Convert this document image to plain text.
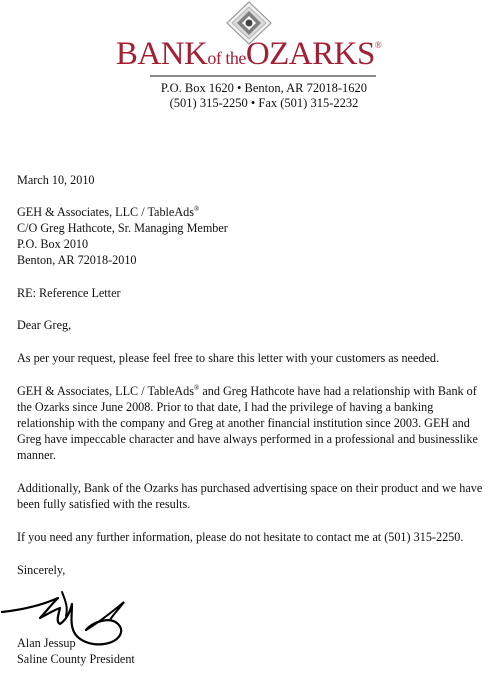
BANKof theOZARKS®
P.O. Box 1620 • Benton, AR 72018-1620
(501) 315-2250 • Fax (501) 315-2232
March 10, 2010
GEH & Associates, LLC / TableAds®
C/O Greg Hathcote, Sr. Managing Member
P.O. Box 2010
Benton, AR 72018-2010
RE: Reference Letter
Dear Greg,
As per your request, please feel free to share this letter with your customers as needed.
GEH & Associates, LLC / TableAds® and Greg Hathcote have had a relationship with Bank of
the Ozarks since June 2008. Prior to that date, I had the privilege of having a banking
relationship with the company and Greg at another financial institution since 2003. GEH and
Greg have impeccable character and have always performed in a professional and businesslike
manner.
Additionally, Bank of the Ozarks has purchased advertising space on their product and we have
been fully satisfied with the results.
If you need any further information, please do not hesitate to contact me at (501) 315-2250.
Sincerely,
Alan Jessup
Saline County President
